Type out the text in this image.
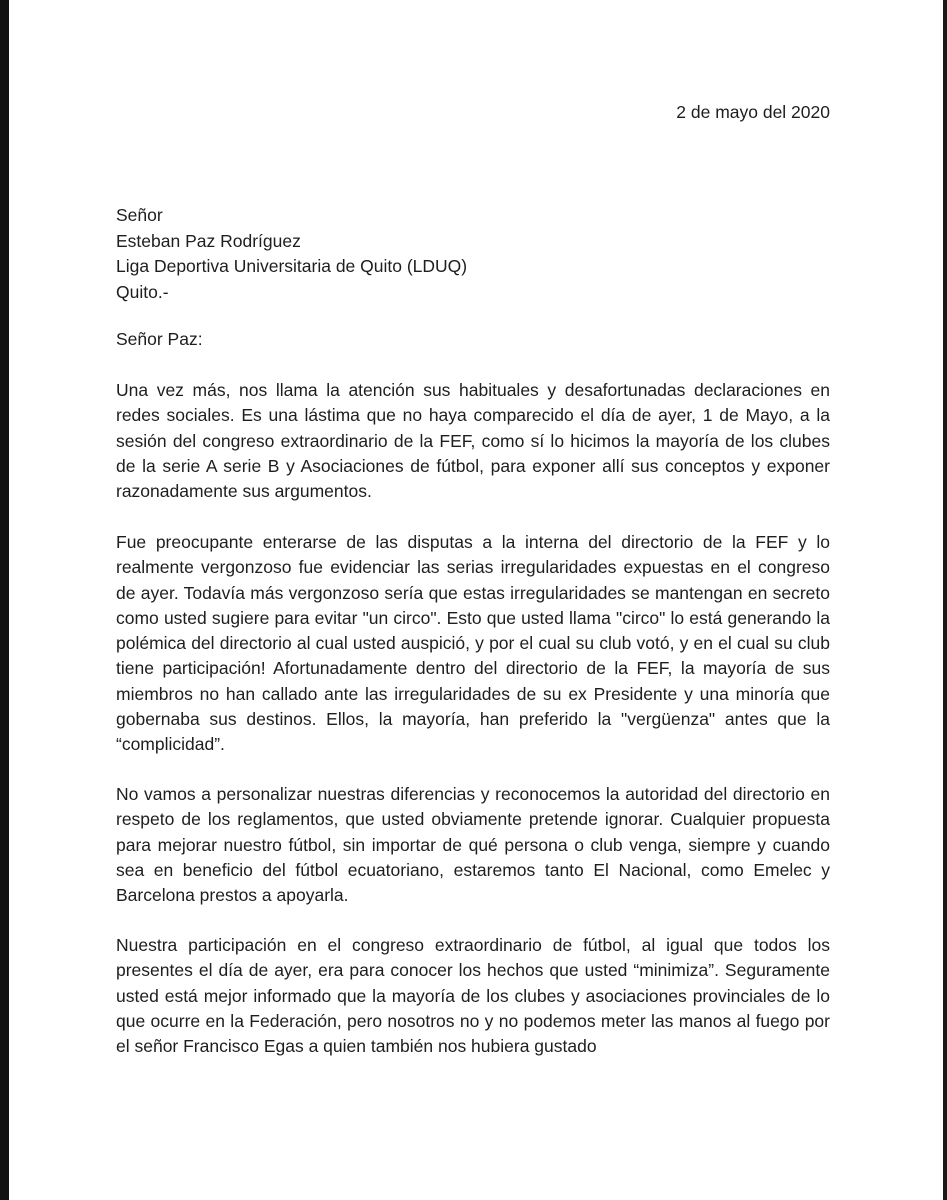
2 de mayo del 2020
Señor
Esteban Paz Rodríguez
Liga Deportiva Universitaria de Quito (LDUQ)
Quito.-
Señor Paz:

Una vez más, nos llama la atención sus habituales y desafortunadas declaraciones en redes sociales. Es una lástima que no haya comparecido el día de ayer, 1 de Mayo, a la sesión del congreso extraordinario de la FEF, como sí lo hicimos la mayoría de los clubes de la serie A serie B y Asociaciones de fútbol, para exponer allí sus conceptos y exponer razonadamente sus argumentos.

Fue preocupante enterarse de las disputas a la interna del directorio de la FEF y lo realmente vergonzoso fue evidenciar las serias irregularidades expuestas en el congreso de ayer. Todavía más vergonzoso sería que estas irregularidades se mantengan en secreto como usted sugiere para evitar "un circo". Esto que usted llama "circo" lo está generando la polémica del directorio al cual usted auspició, y por el cual su club votó, y en el cual su club tiene participación! Afortunadamente dentro del directorio de la FEF, la mayoría de sus miembros no han callado ante las irregularidades de su ex Presidente y una minoría que gobernaba sus destinos. Ellos, la mayoría, han preferido la "vergüenza" antes que la “complicidad”.

No vamos a personalizar nuestras diferencias y reconocemos la autoridad del directorio en respeto de los reglamentos, que usted obviamente pretende ignorar. Cualquier propuesta para mejorar nuestro fútbol, sin importar de qué persona o club venga, siempre y cuando sea en beneficio del fútbol ecuatoriano, estaremos tanto El Nacional, como Emelec y Barcelona prestos a apoyarla.

Nuestra participación en el congreso extraordinario de fútbol, al igual que todos los presentes el día de ayer, era para conocer los hechos que usted “minimiza”. Seguramente usted está mejor informado que la mayoría de los clubes y asociaciones provinciales de lo que ocurre en la Federación, pero nosotros no y no podemos meter las manos al fuego por el señor Francisco Egas a quien también nos hubiera gustado
